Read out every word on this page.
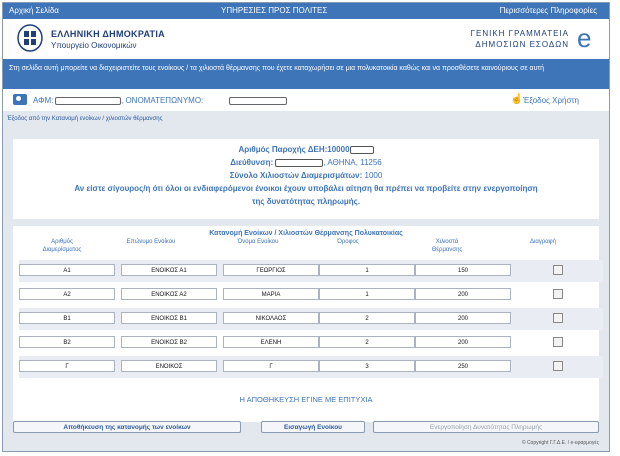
Αρχική Σελίδα	ΥΠΗΡΕΣΙΕΣ ΠΡΟΣ ΠΟΛΙΤΕΣ	Περισσότερες Πληροφορίες
ΕΛΛΗΝΙΚΗ ΔΗΜΟΚΡΑΤΙΑ
Υπουργείο Οικονομικών
ΓΕΝΙΚΗ ΓΡΑΜΜΑΤΕΙΑ
ΔΗΜΟΣΙΩΝ ΕΣΟΔΩΝ e
Στη σελίδα αυτή μπορείτε να διαχειριστείτε τους ενοίκους / τα χιλιοστά θέρμανσης που έχετε καταχωρήσει σε μια πολυκατοικία καθώς και να προσθέσετε καινούριους σε αυτή
ΑΦΜ:	, ΟΝΟΜΑΤΕΠΩΝΥΜΟ:	☝ Έξοδος Χρήστη
Έξοδος από την Κατανομή ενοίκων / χιλιοστών θέρμανσης
Αριθμός Παροχής ΔΕΗ:10000
Διεύθυνση:	, ΑΘΗΝΑ, 11256
Σύνολο Χιλιοστών Διαμερισμάτων: 1000
Αν είστε σίγουρος/η ότι όλοι οι ενδιαφερόμενοι ένοικοι έχουν υποβάλει αίτηση θα πρέπει να προβείτε στην ενεργοποίηση
της δυνατότητας πληρωμής.
Κατανομή Ενοίκων / Χιλιοστών Θέρμανσης Πολυκατοικίας
Αριθμός
Διαμερίσματος
Επώνυμο Ενοίκου	Όνομα Ενοίκου	Όροφος	Χιλιοστά
Θέρμανσης
Διαγραφή
Α1	ΕΝΟΙΚΟΣ Α1	ΓΕΩΡΓΙΟΣ	1	150
Α2	ΕΝΟΙΚΟΣ Α2	ΜΑΡΙΑ	1	200
Β1	ΕΝΟΙΚΟΣ Β1	ΝΙΚΟΛΑΟΣ	2	200
Β2	ΕΝΟΙΚΟΣ Β2	ΕΛΕΝΗ	2	200
Γ	ΕΝΟΙΚΟΣ	Γ	3	250
Η ΑΠΟΘΗΚΕΥΣΗ ΕΓΙΝΕ ΜΕ ΕΠΙΤΥΧΙΑ
Αποθήκευση της κατανομής των ενοίκων	Εισαγωγή Ενοίκου	Ενεργοποίηση Δυνατότητας Πληρωμής
© Copyright Γ.Γ.Δ.Ε. / e-εφαρμογές
